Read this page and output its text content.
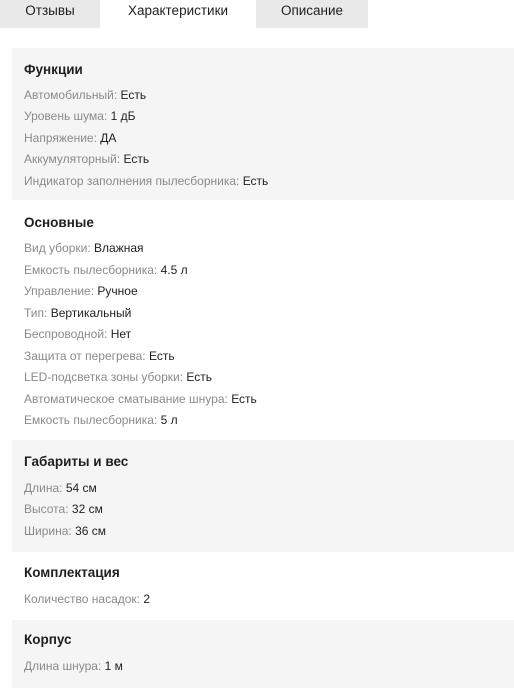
Отзывы	Характеристики	Описание
Функции
Автомобильный: Есть
Уровень шума: 1 дБ
Напряжение: ДА
Аккумуляторный: Есть
Индикатор заполнения пылесборника: Есть
Основные
Вид уборки: Влажная
Емкость пылесборника: 4.5 л
Управление: Ручное
Тип: Вертикальный
Беспроводной: Нет
Защита от перегрева: Есть
LED-подсветка зоны уборки: Есть
Автоматическое сматывание шнура: Есть
Емкость пылесборника: 5 л
Габариты и вес
Длина: 54 см
Высота: 32 см
Ширина: 36 см
Комплектация
Количество насадок: 2
Корпус
Длина шнура: 1 м
